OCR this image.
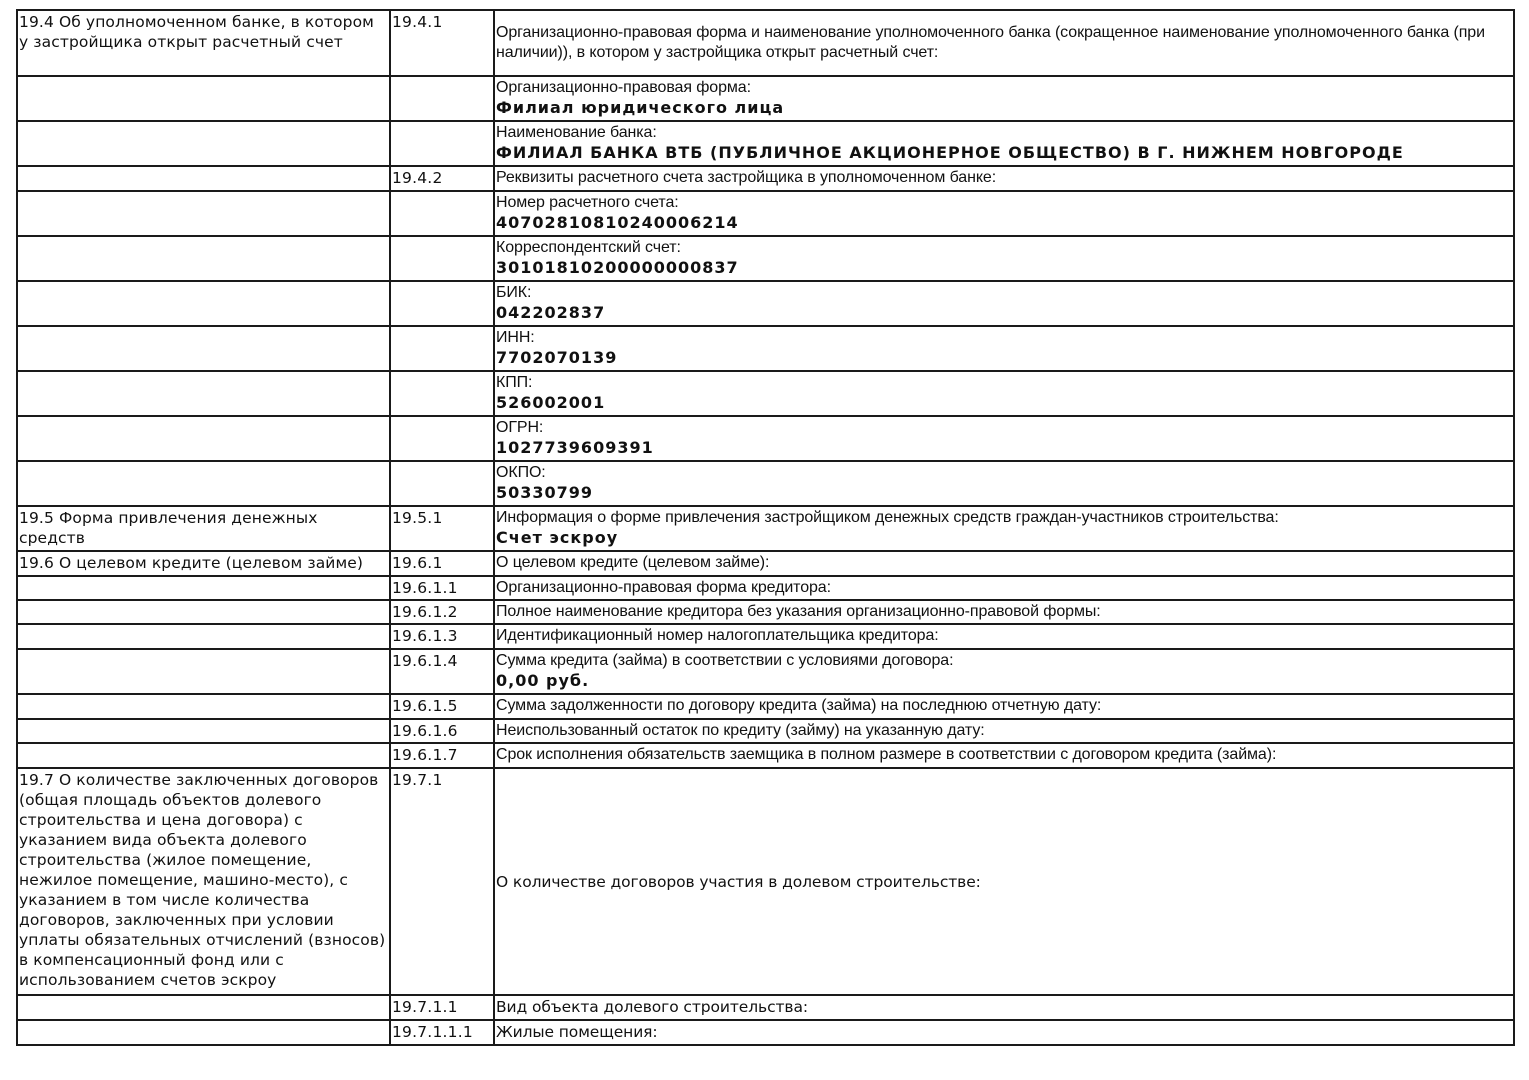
19.4 Об уполномоченном банке, в котором у застройщика открыт расчетный счет	19.4.1	Организационно-правовая форма и наименование уполномоченного банка (сокращенное наименование уполномоченного банка (при наличии)), в котором у застройщика открыт расчетный счет:

		Организационно-правовая форма:
Филиал юридического лица

		Наименование банка:
ФИЛИАЛ БАНКА ВТБ (ПУБЛИЧНОЕ АКЦИОНЕРНОЕ ОБЩЕСТВО) В Г. НИЖНЕМ НОВГОРОДЕ

	19.4.2	Реквизиты расчетного счета застройщика в уполномоченном банке:

		Номер расчетного счета:
40702810810240006214

		Корреспондентский счет:
30101810200000000837

		БИК:
042202837

		ИНН:
7702070139

		КПП:
526002001

		ОГРН:
1027739609391

		ОКПО:
50330799

19.5 Форма привлечения денежных средств	19.5.1	Информация о форме привлечения застройщиком денежных средств граждан-участников строительства:
Счет эскроу

19.6 О целевом кредите (целевом займе)	19.6.1	О целевом кредите (целевом займе):

	19.6.1.1	Организационно-правовая форма кредитора:

	19.6.1.2	Полное наименование кредитора без указания организационно-правовой формы:

	19.6.1.3	Идентификационный номер налогоплательщика кредитора:

	19.6.1.4	Сумма кредита (займа) в соответствии с условиями договора:
0,00 руб.

	19.6.1.5	Сумма задолженности по договору кредита (займа) на последнюю отчетную дату:

	19.6.1.6	Неиспользованный остаток по кредиту (займу) на указанную дату:

	19.6.1.7	Срок исполнения обязательств заемщика в полном размере в соответствии с договором кредита (займа):

19.7 О количестве заключенных договоров (общая площадь объектов долевого строительства и цена договора) с указанием вида объекта долевого строительства (жилое помещение, нежилое помещение, машино-место), с указанием в том числе количества договоров, заключенных при условии уплаты обязательных отчислений (взносов) в компенсационный фонд или с использованием счетов эскроу	19.7.1	О количестве договоров участия в долевом строительстве:

	19.7.1.1	Вид объекта долевого строительства:

	19.7.1.1.1	Жилые помещения:
